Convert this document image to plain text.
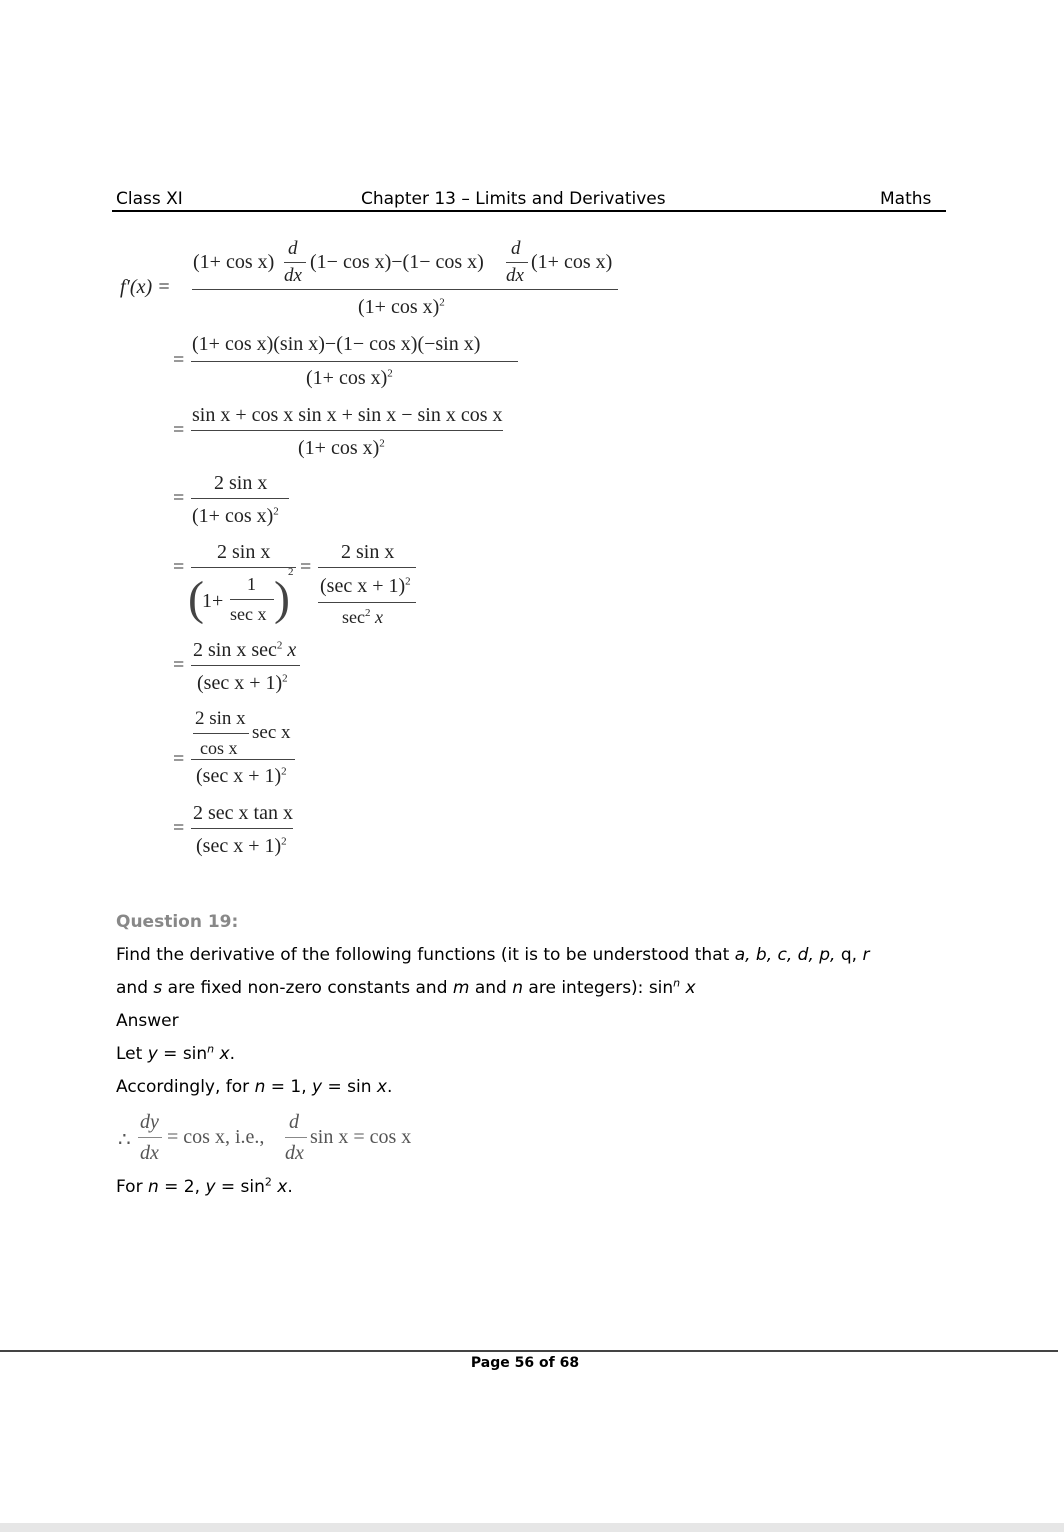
Class XI	Chapter 13 – Limits and Derivatives	Maths
f′(x) =
(1+ cos x)
d
dx
(1− cos x)−(1− cos x)
d
dx
(1+ cos x)
$(1+ \cos x)^2$
=
(1+ cos x)(sin x)−(1− cos x)(−sin x)
$(1+ \cos x)^2$
=
sin x + cos x sin x + sin x − sin x cos x
$(1+ \cos x)^2$
=
2 sin x
$(1+ \cos x)^2$
=
2 sin x
(
1+
1
sec x )
2 =
2 sin x
(sec x + 1)$^2$
$\sec^2 x$
=
2 sin x $\sec^2 x$
(sec x + 1)$^2$
=
2 sin x
cos x
sec x
(sec x + 1)$^2$
=
2 sec x tan x
(sec x + 1)$^2$
Question 19:
Find the derivative of the following functions (it is to be understood that a, b, c, d, p, q, r
and s are fixed non-zero constants and m and n are integers): $\sin^n x$
Answer
Let $y = \sin^n x$.
Accordingly, for n = 1, y = sin x.
∴
dy
dx
= cos x, i.e.,
d
dx
sin x = cos x
For n = 2, $y = \sin^2 x$.
Page 56 of 68
